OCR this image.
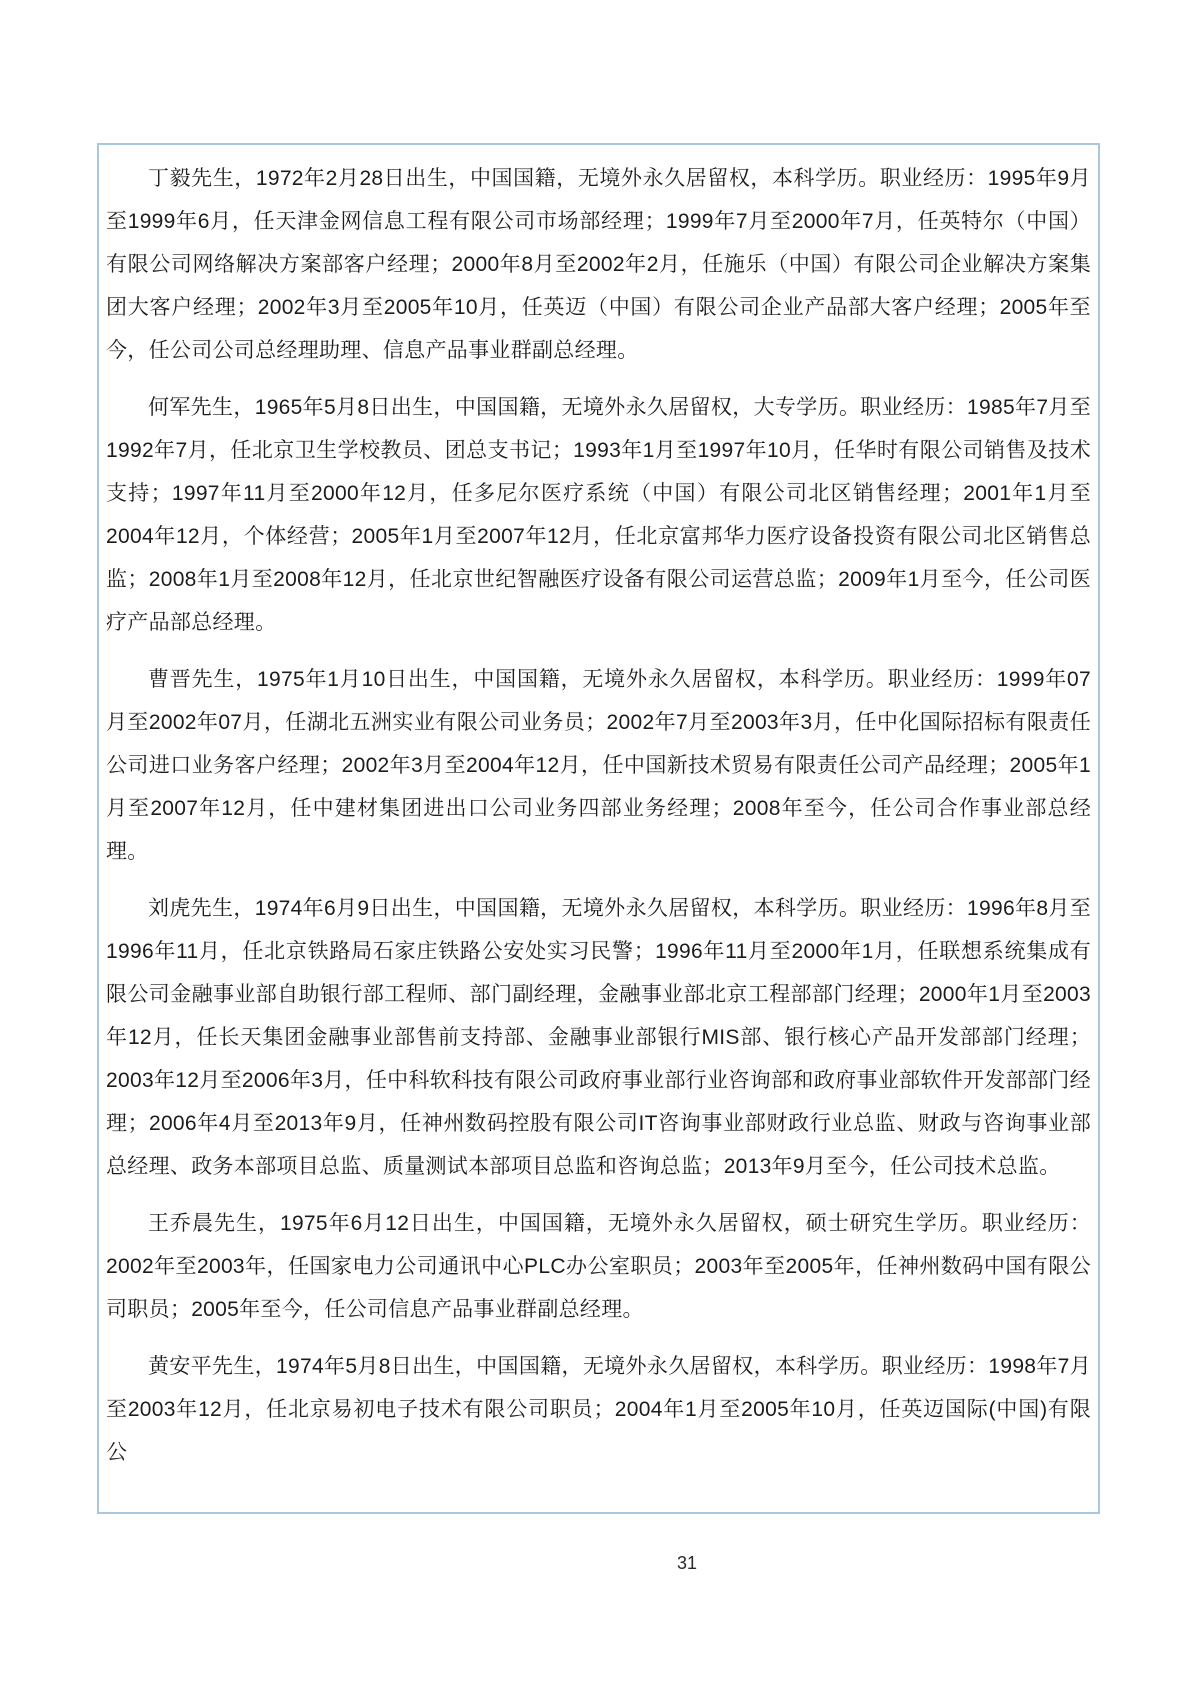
丁毅先生，1972年2月28日出生，中国国籍，无境外永久居留权，本科学历。职业经历：1995年9月至1999年6月，任天津金网信息工程有限公司市场部经理；1999年7月至2000年7月，任英特尔（中国）有限公司网络解决方案部客户经理；2000年8月至2002年2月，任施乐（中国）有限公司企业解决方案集团大客户经理；2002年3月至2005年10月，任英迈（中国）有限公司企业产品部大客户经理；2005年至今，任公司公司总经理助理、信息产品事业群副总经理。

何军先生，1965年5月8日出生，中国国籍，无境外永久居留权，大专学历。职业经历：1985年7月至1992年7月，任北京卫生学校教员、团总支书记；1993年1月至1997年10月，任华时有限公司销售及技术支持；1997年11月至2000年12月，任多尼尔医疗系统（中国）有限公司北区销售经理；2001年1月至2004年12月，个体经营；2005年1月至2007年12月，任北京富邦华力医疗设备投资有限公司北区销售总监；2008年1月至2008年12月，任北京世纪智融医疗设备有限公司运营总监；2009年1月至今，任公司医疗产品部总经理。

曹晋先生，1975年1月10日出生，中国国籍，无境外永久居留权，本科学历。职业经历：1999年07月至2002年07月，任湖北五洲实业有限公司业务员；2002年7月至2003年3月，任中化国际招标有限责任公司进口业务客户经理；2002年3月至2004年12月，任中国新技术贸易有限责任公司产品经理；2005年1月至2007年12月，任中建材集团进出口公司业务四部业务经理；2008年至今，任公司合作事业部总经理。

刘虎先生，1974年6月9日出生，中国国籍，无境外永久居留权，本科学历。职业经历：1996年8月至1996年11月，任北京铁路局石家庄铁路公安处实习民警；1996年11月至2000年1月，任联想系统集成有限公司金融事业部自助银行部工程师、部门副经理，金融事业部北京工程部部门经理；2000年1月至2003年12月，任长天集团金融事业部售前支持部、金融事业部银行MIS部、银行核心产品开发部部门经理；2003年12月至2006年3月，任中科软科技有限公司政府事业部行业咨询部和政府事业部软件开发部部门经理；2006年4月至2013年9月，任神州数码控股有限公司IT咨询事业部财政行业总监、财政与咨询事业部总经理、政务本部项目总监、质量测试本部项目总监和咨询总监；2013年9月至今，任公司技术总监。

王乔晨先生，1975年6月12日出生，中国国籍，无境外永久居留权，硕士研究生学历。职业经历：2002年至2003年，任国家电力公司通讯中心PLC办公室职员；2003年至2005年，任神州数码中国有限公司职员；2005年至今，任公司信息产品事业群副总经理。

黄安平先生，1974年5月8日出生，中国国籍，无境外永久居留权，本科学历。职业经历：1998年7月至2003年12月，任北京易初电子技术有限公司职员；2004年1月至2005年10月，任英迈国际(中国)有限公

31
